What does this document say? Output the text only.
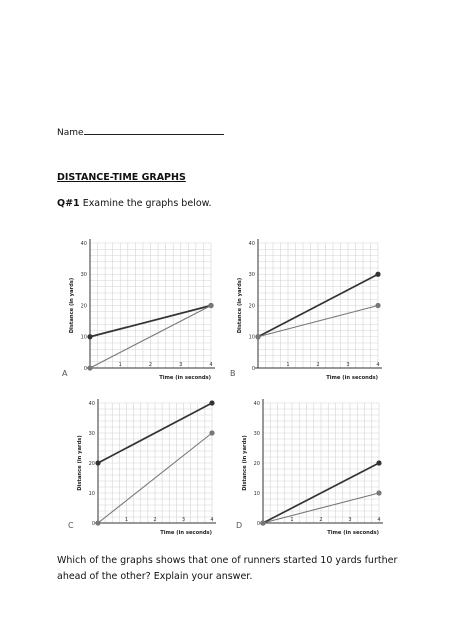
Name
DISTANCE-TIME GRAPHS
Q#1 Examine the graphs below.
0
10
20
30
40
1	2	3	4
Time (in seconds)
Distance (in yards)
A
0
10
20
30
40
1	2	3	4
Time (in seconds)
Distance (in yards)
B
0
10
20
30
40
1	2	3	4
Time (in seconds)
Distance (in yards)
C	0
10
20
30
40
1	2	3	4
Time (in seconds)
Distance (in yards)
D
Which of the graphs shows that one of runners started 10 yards further ahead of the other? Explain your answer.
